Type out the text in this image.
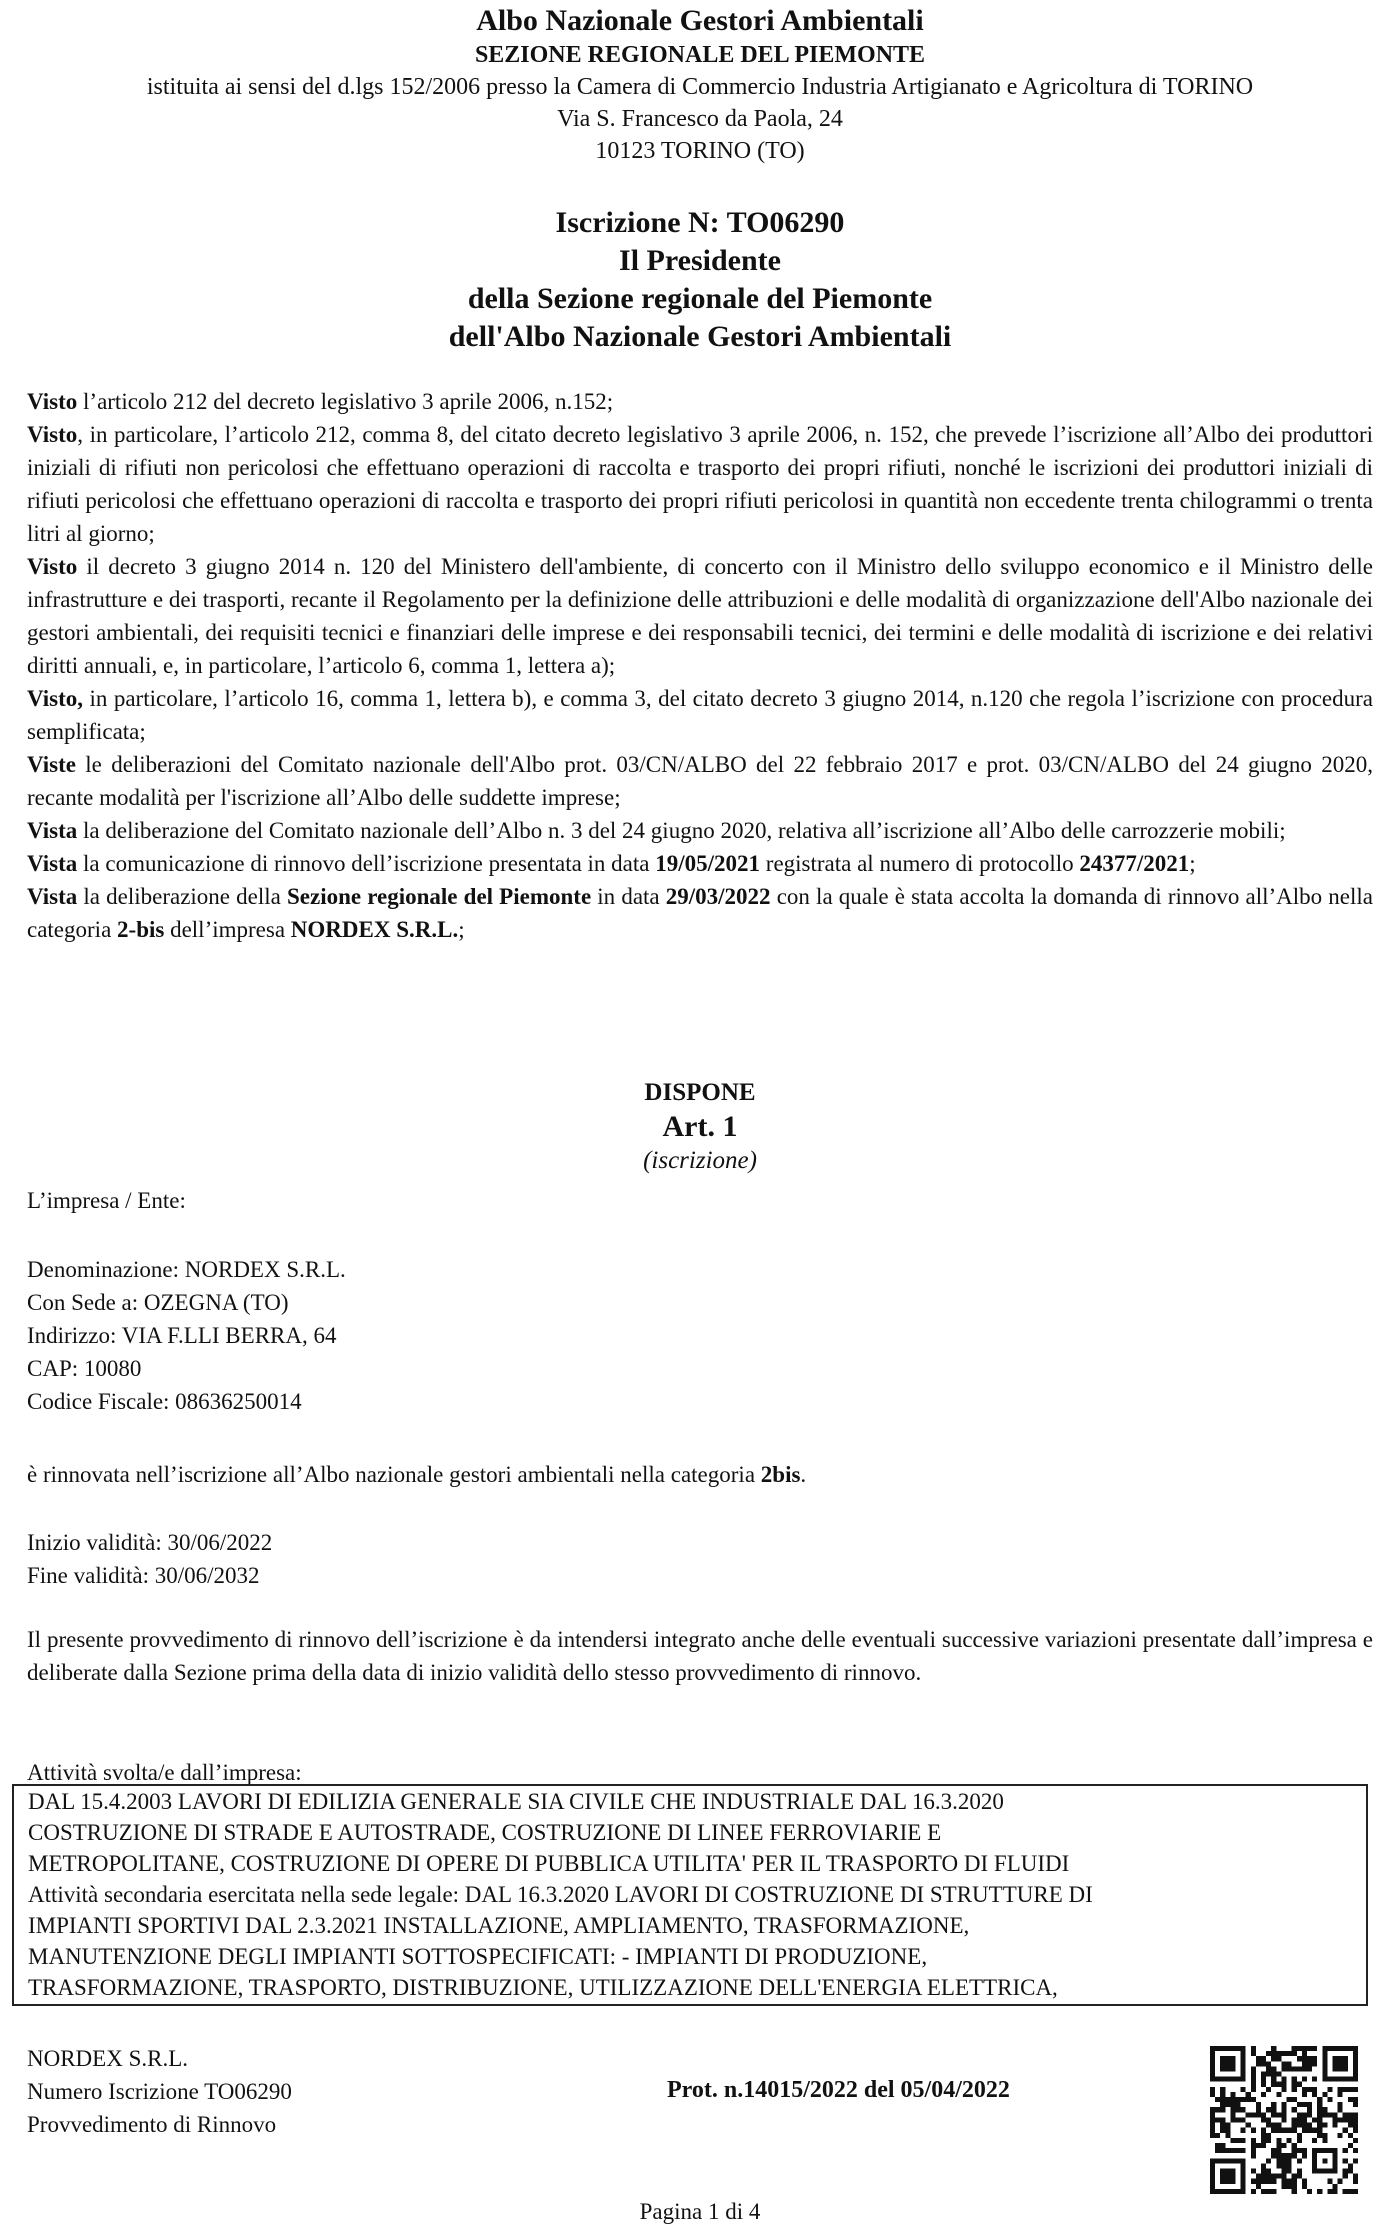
Albo Nazionale Gestori Ambientali
SEZIONE REGIONALE DEL PIEMONTE
istituita ai sensi del d.lgs 152/2006 presso la Camera di Commercio Industria Artigianato e Agricoltura di TORINO
Via S. Francesco da Paola, 24
10123 TORINO (TO)
Iscrizione N: TO06290
Il Presidente
della Sezione regionale del Piemonte
dell'Albo Nazionale Gestori Ambientali

Visto l’articolo 212 del decreto legislativo 3 aprile 2006, n.152;

Visto, in particolare, l’articolo 212, comma 8, del citato decreto legislativo 3 aprile 2006, n. 152, che prevede l’iscrizione all’Albo dei produttori iniziali di rifiuti non pericolosi che effettuano operazioni di raccolta e trasporto dei propri rifiuti, nonché le iscrizioni dei produttori iniziali di rifiuti pericolosi che effettuano operazioni di raccolta e trasporto dei propri rifiuti pericolosi in quantità non eccedente trenta chilogrammi o trenta litri al giorno;

Visto il decreto 3 giugno 2014 n. 120 del Ministero dell'ambiente, di concerto con il Ministro dello sviluppo economico e il Ministro delle infrastrutture e dei trasporti, recante il Regolamento per la definizione delle attribuzioni e delle modalità di organizzazione dell'Albo nazionale dei gestori ambientali, dei requisiti tecnici e finanziari delle imprese e dei responsabili tecnici, dei termini e delle modalità di iscrizione e dei relativi diritti annuali, e, in particolare, l’articolo 6, comma 1, lettera a);

Visto, in particolare, l’articolo 16, comma 1, lettera b), e comma 3, del citato decreto 3 giugno 2014, n.120 che regola l’iscrizione con procedura semplificata;

Viste le deliberazioni del Comitato nazionale dell'Albo prot. 03/CN/ALBO del 22 febbraio 2017 e prot. 03/CN/ALBO del 24 giugno 2020, recante modalità per l'iscrizione all’Albo delle suddette imprese;

Vista la deliberazione del Comitato nazionale dell’Albo n. 3 del 24 giugno 2020, relativa all’iscrizione all’Albo delle carrozzerie mobili;

Vista la comunicazione di rinnovo dell’iscrizione presentata in data 19/05/2021 registrata al numero di protocollo 24377/2021;

Vista la deliberazione della Sezione regionale del Piemonte in data 29/03/2022 con la quale è stata accolta la domanda di rinnovo all’Albo nella categoria 2-bis dell’impresa NORDEX S.R.L.;

DISPONE
Art. 1
(iscrizione)
L’impresa / Ente:
Denominazione: NORDEX S.R.L.
Con Sede a: OZEGNA (TO)
Indirizzo: VIA F.LLI BERRA, 64
CAP: 10080
Codice Fiscale: 08636250014
è rinnovata nell’iscrizione all’Albo nazionale gestori ambientali nella categoria 2bis.
Inizio validità: 30/06/2022
Fine validità: 30/06/2032
Il presente provvedimento di rinnovo dell’iscrizione è da intendersi integrato anche delle eventuali successive variazioni presentate dall’impresa e deliberate dalla Sezione prima della data di inizio validità dello stesso provvedimento di rinnovo.
Attività svolta/e dall’impresa:
DAL 15.4.2003 LAVORI DI EDILIZIA GENERALE SIA CIVILE CHE INDUSTRIALE DAL 16.3.2020
COSTRUZIONE DI STRADE E AUTOSTRADE, COSTRUZIONE DI LINEE FERROVIARIE E
METROPOLITANE, COSTRUZIONE DI OPERE DI PUBBLICA UTILITA' PER IL TRASPORTO DI FLUIDI
Attività secondaria esercitata nella sede legale: DAL 16.3.2020 LAVORI DI COSTRUZIONE DI STRUTTURE DI
IMPIANTI SPORTIVI DAL 2.3.2021 INSTALLAZIONE, AMPLIAMENTO, TRASFORMAZIONE,
MANUTENZIONE DEGLI IMPIANTI SOTTOSPECIFICATI: - IMPIANTI DI PRODUZIONE,
TRASFORMAZIONE, TRASPORTO, DISTRIBUZIONE, UTILIZZAZIONE DELL'ENERGIA ELETTRICA,
NORDEX S.R.L.
Numero Iscrizione TO06290
Provvedimento di Rinnovo
Prot. n.14015/2022 del 05/04/2022
Pagina 1 di 4
